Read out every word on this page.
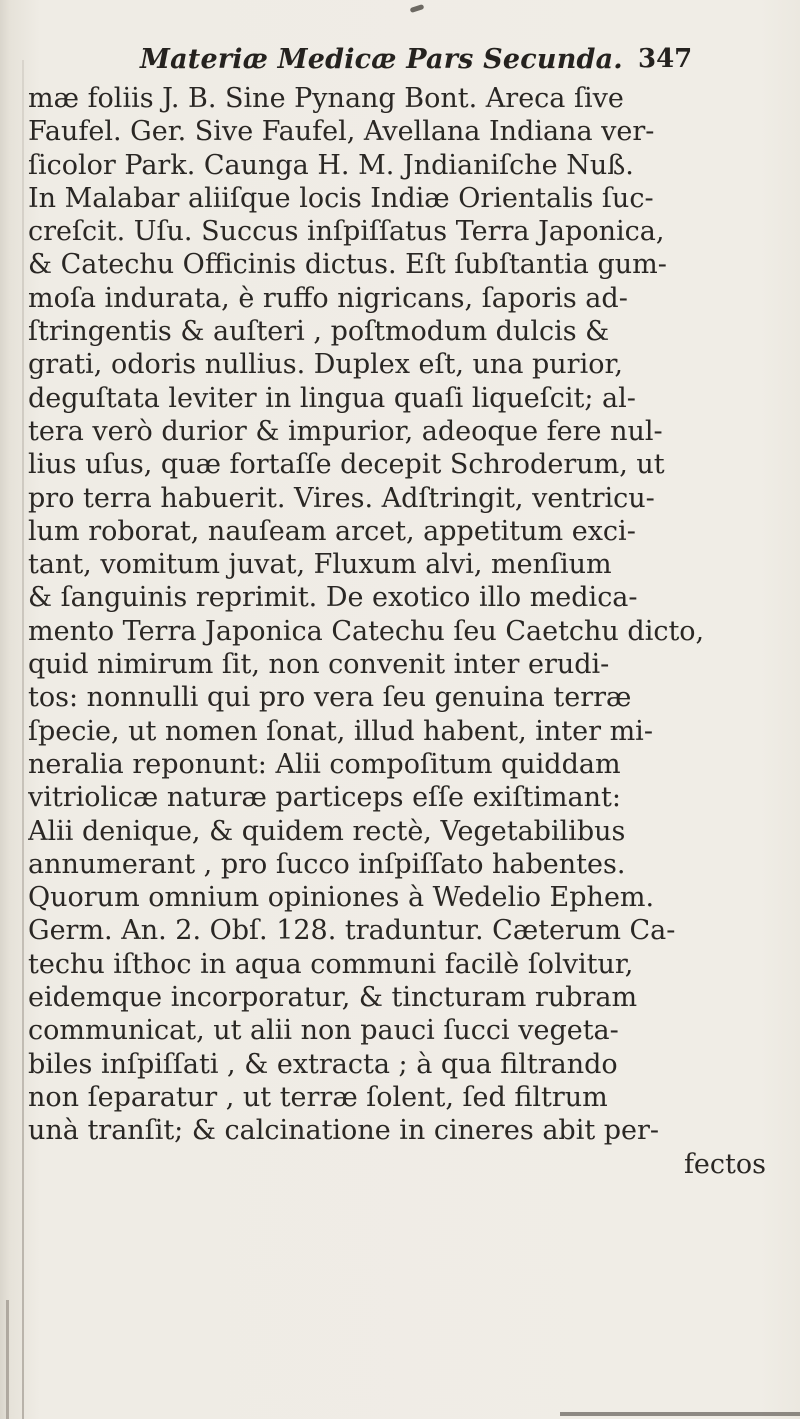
Materiæ Medicæ Pars Secunda. 347
mæ foliis J. B. Sine Pynang Bont. Areca ſive
Faufel. Ger. Sive Faufel, Avellana Indiana ver-
ſicolor Park. Caunga H. M. Jndianiſche Nuß.
In Malabar aliiſque locis Indiæ Orientalis ſuc-
creſcit. Uſu. Succus inſpiſſatus Terra Japonica,
& Catechu Officinis dictus. Eſt ſubſtantia gum-
moſa indurata, è ruffo nigricans, ſaporis ad-
ſtringentis & auſteri , poſtmodum dulcis &
grati, odoris nullius. Duplex eſt, una purior,
deguſtata leviter in lingua quaſi liqueſcit; al-
tera verò durior & impurior, adeoque fere nul-
lius uſus, quæ fortaſſe decepit Schroderum, ut
pro terra habuerit. Vires. Adſtringit, ventricu-
lum roborat, nauſeam arcet, appetitum exci-
tant, vomitum juvat, Fluxum alvi, menſium
& ſanguinis reprimit. De exotico illo medica-
mento Terra Japonica Catechu ſeu Caetchu dicto,
quid nimirum ſit, non convenit inter erudi-
tos: nonnulli qui pro vera ſeu genuina terræ
ſpecie, ut nomen ſonat, illud habent, inter mi-
neralia reponunt: Alii compoſitum quiddam
vitriolicæ naturæ particeps eſſe exiſtimant:
Alii denique, & quidem rectè, Vegetabilibus
annumerant , pro ſucco inſpiſſato habentes.
Quorum omnium opiniones à Wedelio Ephem.
Germ. An. 2. Obſ. 128. traduntur. Cæterum Ca-
techu iſthoc in aqua communi facilè ſolvitur,
eidemque incorporatur, & tincturam rubram
communicat, ut alii non pauci ſucci vegeta-
biles inſpiſſati , & extracta ; à qua filtrando
non ſeparatur , ut terræ ſolent, ſed filtrum
unà tranſit; & calcinatione in cineres abit per-
fectos
